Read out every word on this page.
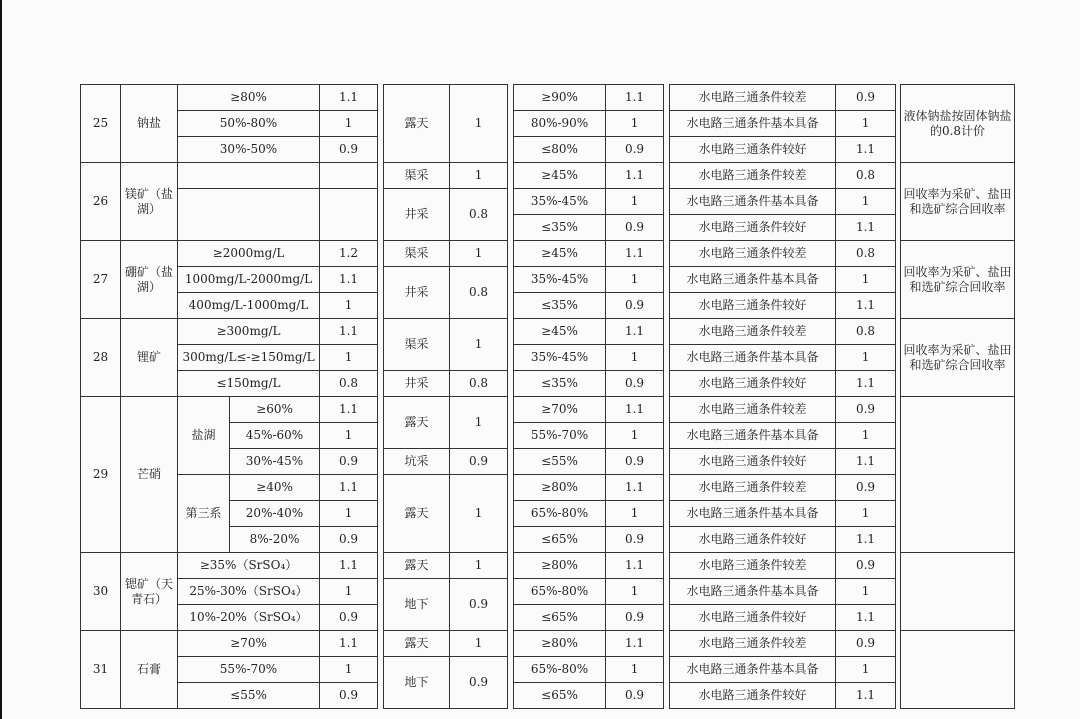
25	钠盐	≥80%		1.1		露天	1		≥90%	1.1		水电路三通条件较差	0.9		液体钠盐按固体钠盐的0.8计价
		50%-80%		1					80%-90%	1		水电路三通条件基本具备	1		
		30%-50%		0.9					≤80%	0.9		水电路三通条件较好	1.1		
26	镁矿（盐湖）					渠采	1		≥45%	1.1		水电路三通条件较差	0.8		回收率为采矿、盐田和选矿综合回收率
						井采	0.8		35%-45%	1		水电路三通条件基本具备	1		
									≤35%	0.9		水电路三通条件较好	1.1		
27	硼矿（盐湖）	≥2000mg/L		1.2		渠采	1		≥45%	1.1		水电路三通条件较差	0.8		回收率为采矿、盐田和选矿综合回收率
		1000mg/L-2000mg/L		1.1		井采	0.8		35%-45%	1		水电路三通条件基本具备	1		
		400mg/L-1000mg/L		1					≤35%	0.9		水电路三通条件较好	1.1		
28	锂矿	≥300mg/L		1.1		渠采	1		≥45%	1.1		水电路三通条件较差	0.8		回收率为采矿、盐田和选矿综合回收率
		300mg/L≤-≥150mg/L		1					35%-45%	1		水电路三通条件基本具备	1		
		≤150mg/L		0.8		井采	0.8		≤35%	0.9		水电路三通条件较好	1.1		
29	芒硝	盐湖	≥60%	1.1		露天	1		≥70%	1.1		水电路三通条件较差	0.9		
			45%-60%	1					55%-70%	1		水电路三通条件基本具备	1		
			30%-45%	0.9		坑采	0.9		≤55%	0.9		水电路三通条件较好	1.1		
		第三系	≥40%	1.1		露天	1		≥80%	1.1		水电路三通条件较差	0.9		
			20%-40%	1					65%-80%	1		水电路三通条件基本具备	1		
			8%-20%	0.9					≤65%	0.9		水电路三通条件较好	1.1		
30	锶矿（天青石）	≥35%（SrSO₄）		1.1		露天	1		≥80%	1.1		水电路三通条件较差	0.9		
		25%-30%（SrSO₄）		1		地下	0.9		65%-80%	1		水电路三通条件基本具备	1		
		10%-20%（SrSO₄）		0.9					≤65%	0.9		水电路三通条件较好	1.1		
31	石膏	≥70%		1.1		露天	1		≥80%	1.1		水电路三通条件较差	0.9		
		55%-70%		1		地下	0.9		65%-80%	1		水电路三通条件基本具备	1		
		≤55%		0.9					≤65%	0.9		水电路三通条件较好	1.1		
